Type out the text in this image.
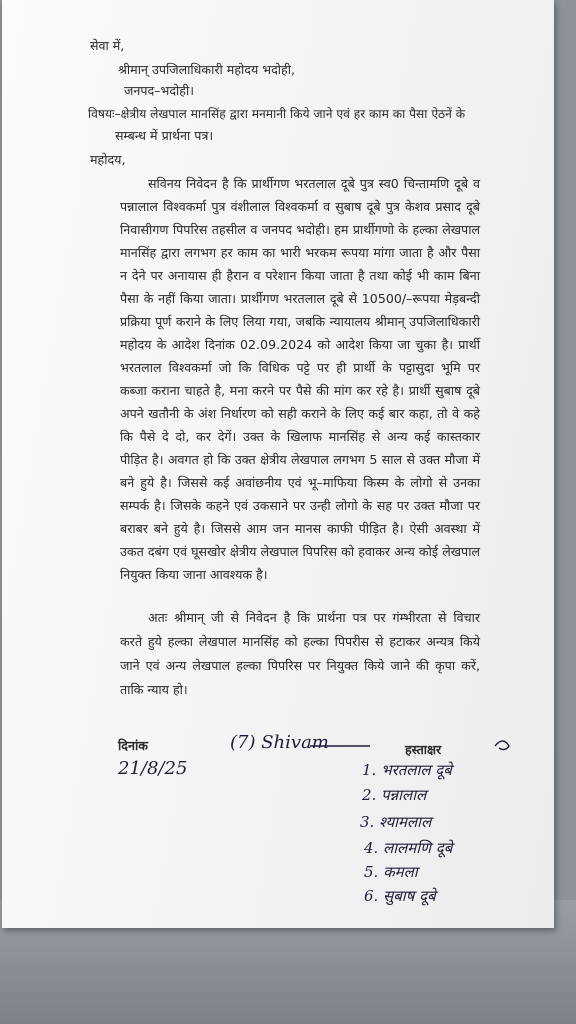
सेवा में,
श्रीमान् उपजिलाधिकारी महोदय भदोही,
जनपद–भदोही।
विषयः–क्षेत्रीय लेखपाल मानसिंह द्वारा मनमानी किये जाने एवं हर काम का पैसा ऐठनें के
सम्बन्ध में प्रार्थना पत्र।
महोदय,
सविनय निवेदन है कि प्रार्थीगण भरतलाल दूबे पुत्र स्व0 चिन्तामणि दूबे व
पन्नालाल विश्वकर्मा पुत्र वंशीलाल विश्वकर्मा व सुबाष दूबे पुत्र केशव प्रसाद दूबे
निवासीगण पिपरिस तहसील व जनपद भदोही। हम प्रार्थीगणो के हल्का लेखपाल
मानसिंह द्वारा लगभग हर काम का भारी भरकम रूपया मांगा जाता है और पैसा
न देने पर अनायास ही हैरान व परेशान किया जाता है तथा कोई भी काम बिना
पैसा के नहीं किया जाता। प्रार्थीगण भरतलाल दूबे से 10500/–रूपया मेड़बन्दी
प्रक्रिया पूर्ण कराने के लिए लिया गया, जबकि न्यायालय श्रीमान् उपजिलाधिकारी
महोदय के आदेश दिनांक 02.09.2024 को आदेश किया जा चुका है। प्रार्थी
भरतलाल विश्वकर्मा जो कि विधिक पट्टे पर ही प्रार्थी के पट्टासुदा भूमि पर
कब्जा कराना चाहते है, मना करने पर पैसे की मांग कर रहे है। प्रार्थी सुबाष दूबे
अपने खतौनी के अंश निर्धारण को सही कराने के लिए कई बार कहा, तो वे कहे
कि पैसे दे दो, कर देगें। उक्त के खिलाफ मानसिंह से अन्य कई कास्तकार
पीड़ित है। अवगत हो कि उक्त क्षेत्रीय लेखपाल लगभग 5 साल से उक्त मौजा में
बने हुये है। जिससे कई अवांछनीय एवं भू–माफिया किस्म के लोगो से उनका
सम्पर्क है। जिसके कहने एवं उकसाने पर उन्ही लोगो के सह पर उक्त मौजा पर
बराबर बने हुये है। जिससे आम जन मानस काफी पीड़ित है। ऐसी अवस्था में
उकत दबंग एवं घूसखोर क्षेत्रीय लेखपाल पिपरिस को हवाकर अन्य कोई लेखपाल
नियुक्त किया जाना आवश्यक है।
अतः श्रीमान् जी से निवेदन है कि प्रार्थना पत्र पर गंम्भीरता से विचार
करते हुये हल्का लेखपाल मानसिंह को हल्का पिपरीस से हटाकर अन्यत्र किये
जाने एवं अन्य लेखपाल हल्का पिपरिस पर नियुक्त किये जाने की कृपा करें,
ताकि न्याय हो।
दिनांक
21/8/25
(7) Shivam	हस्ताक्षर
1. भरतलाल दूबे
2. पन्नालाल
3. श्यामलाल
4. लालमणि दूबे
5. कमला
6. सुबाष दूबे
